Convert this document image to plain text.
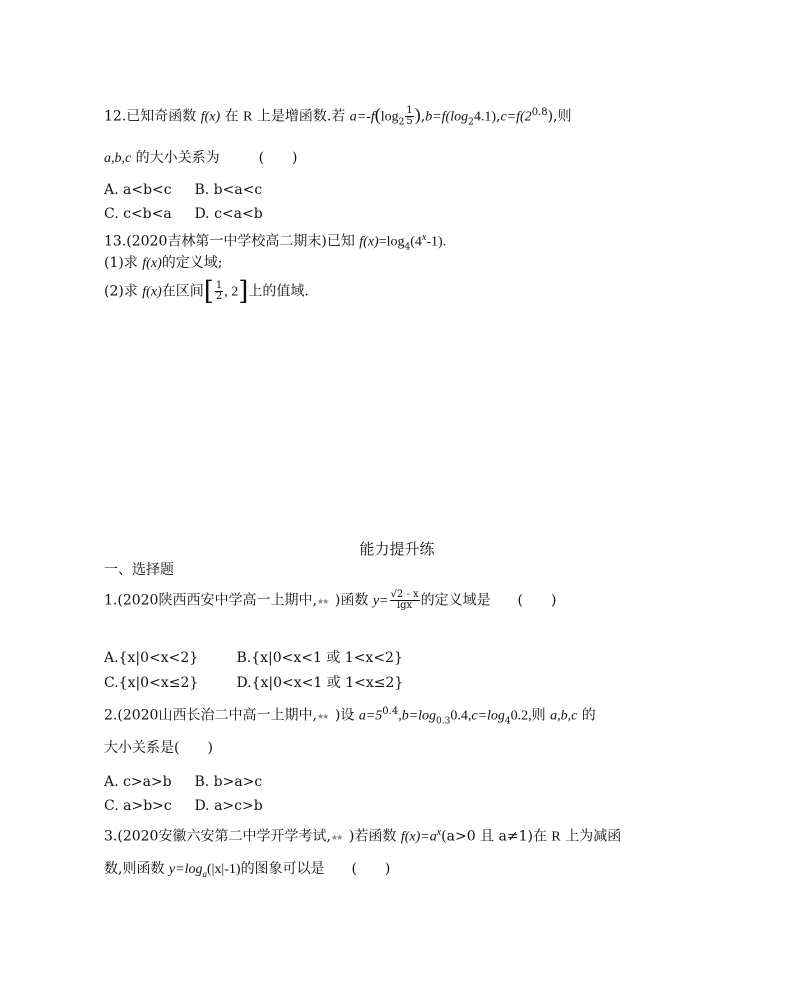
12.已知奇函数 f(x) 在 R 上是增函数.若 $a=-f(\log_2 \frac{1}{5} ),b=f(\log_24.1),c=f(2^{0.8})$,则
a,b,c 的大小关系为	(　　)
A. a<b<c B. b<a<c
C. c<b<a D. c<a<b
13.(2020吉林第一中学校高二期末)已知 $f(x)=\log_4(4^x-1)$.
(1)求 f(x)的定义域;
(2)求 f(x)在区间[ $\frac{1}{2}$ , 2]上的值域.
能力提升练
一、选择题
1.(2020陕西西安中学高一上期中, ★★ )函数 $y= \frac{√2 - x}{\lg x}$ 的定义域是 (　　)
A.{x|0<x<2}	B.{x|0<x<1 或 1<x<2}
C.{x|0<x≤2}	D.{x|0<x<1 或 1<x≤2}
2.(2020山西长治二中高一上期中, ★★ )设 $a=5^{0.4},b=\log_{0.3}0.4,c=\log_40.2$,则 a,b,c 的
大小关系是(　　)
A. c>a>b B. b>a>c
C. a>b>c D. a>c>b
3.(2020安徽六安第二中学开学考试, ★★ )若函数 $f(x)=a^x(a>0$ 且 a≠1)在 R 上为减函
数,则函数 $y=\log_a(|x|-1)$的图象可以是 (　　)
